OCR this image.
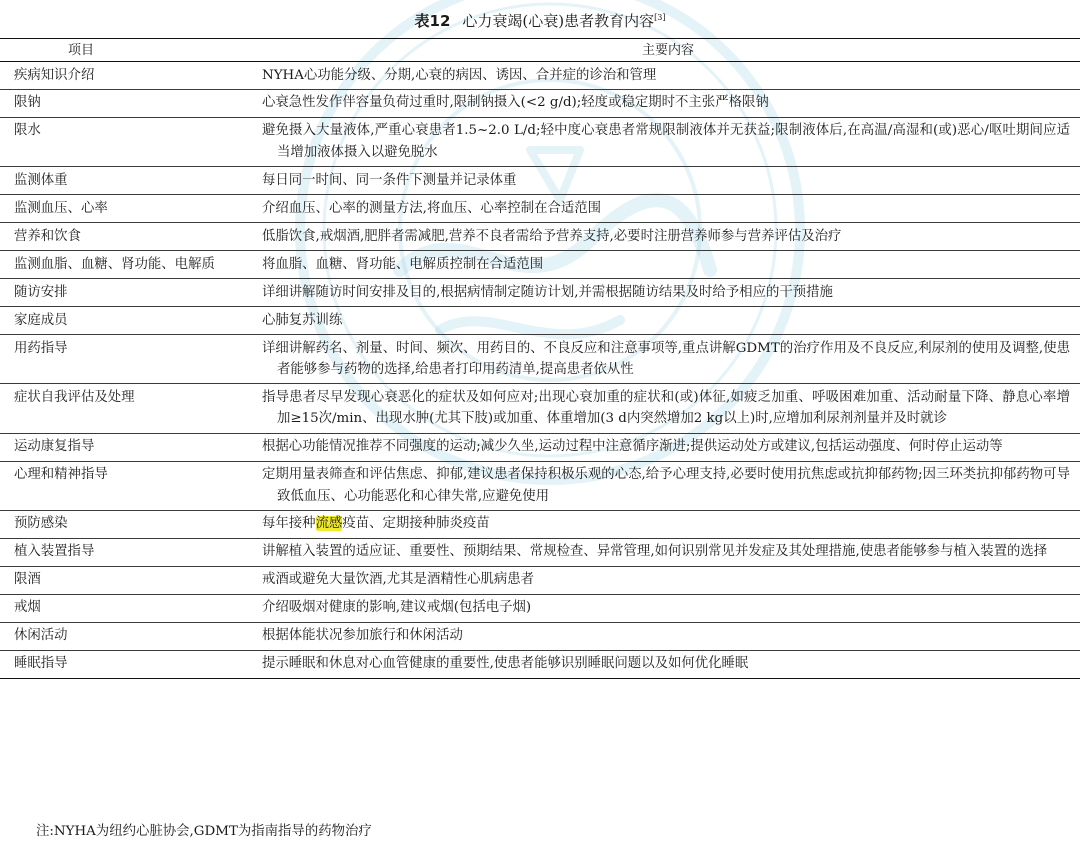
表12 心力衰竭(心衰)患者教育内容[3]
项目	主要内容
疾病知识介绍	NYHA心功能分级、分期,心衰的病因、诱因、合并症的诊治和管理

限钠	心衰急性发作伴容量负荷过重时,限制钠摄入(<2 g/d);轻度或稳定期时不主张严格限钠

限水	避免摄入大量液体,严重心衰患者1.5~2.0 L/d;轻中度心衰患者常规限制液体并无获益;限制液体后,在高温/高湿和(或)恶心/呕吐期间应适当增加液体摄入以避免脱水

监测体重	每日同一时间、同一条件下测量并记录体重

监测血压、心率	介绍血压、心率的测量方法,将血压、心率控制在合适范围

营养和饮食	低脂饮食,戒烟酒,肥胖者需减肥,营养不良者需给予营养支持,必要时注册营养师参与营养评估及治疗

监测血脂、血糖、肾功能、电解质	将血脂、血糖、肾功能、电解质控制在合适范围

随访安排	详细讲解随访时间安排及目的,根据病情制定随访计划,并需根据随访结果及时给予相应的干预措施

家庭成员	心肺复苏训练

用药指导	详细讲解药名、剂量、时间、频次、用药目的、不良反应和注意事项等,重点讲解GDMT的治疗作用及不良反应,利尿剂的使用及调整,使患者能够参与药物的选择,给患者打印用药清单,提高患者依从性

症状自我评估及处理	指导患者尽早发现心衰恶化的症状及如何应对;出现心衰加重的症状和(或)体征,如疲乏加重、呼吸困难加重、活动耐量下降、静息心率增加≥15次/min、出现水肿(尤其下肢)或加重、体重增加(3 d内突然增加2 kg以上)时,应增加利尿剂剂量并及时就诊

运动康复指导	根据心功能情况推荐不同强度的运动;减少久坐,运动过程中注意循序渐进;提供运动处方或建议,包括运动强度、何时停止运动等

心理和精神指导	定期用量表筛查和评估焦虑、抑郁,建议患者保持积极乐观的心态,给予心理支持,必要时使用抗焦虑或抗抑郁药物;因三环类抗抑郁药物可导致低血压、心功能恶化和心律失常,应避免使用

预防感染	每年接种流感疫苗、定期接种肺炎疫苗

植入装置指导	讲解植入装置的适应证、重要性、预期结果、常规检查、异常管理,如何识别常见并发症及其处理措施,使患者能够参与植入装置的选择

限酒	戒酒或避免大量饮酒,尤其是酒精性心肌病患者

戒烟	介绍吸烟对健康的影响,建议戒烟(包括电子烟)

休闲活动	根据体能状况参加旅行和休闲活动

睡眠指导	提示睡眠和休息对心血管健康的重要性,使患者能够识别睡眠问题以及如何优化睡眠
注:NYHA为纽约心脏协会,GDMT为指南指导的药物治疗
